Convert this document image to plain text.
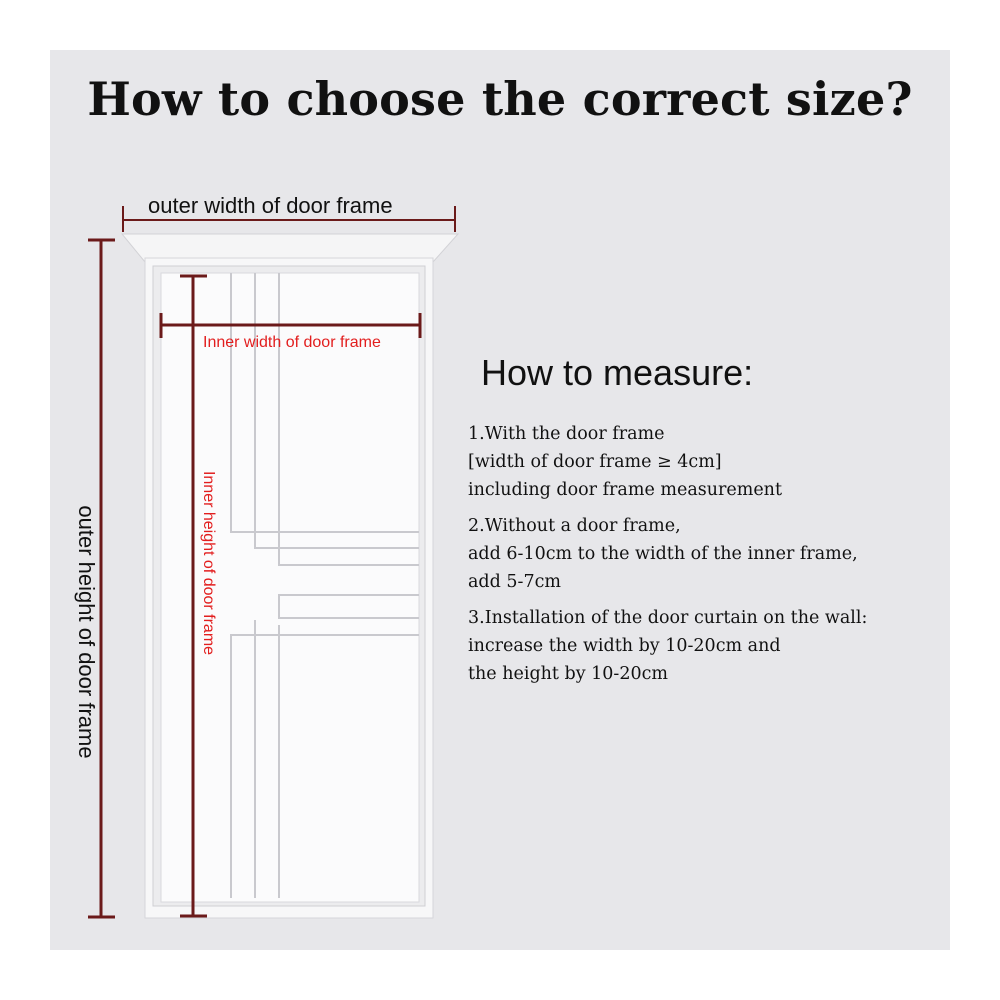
How to choose the correct size?
outer width of door frame
Inner width of door frame
outer height of door frame	Inner height of door frame
How to measure:
1.With the door frame
[width of door frame ≥ 4cm]
including door frame measurement
2.Without a door frame,
add 6-10cm to the width of the inner frame,
add 5-7cm
3.Installation of the door curtain on the wall:
increase the width by 10-20cm and
the height by 10-20cm
